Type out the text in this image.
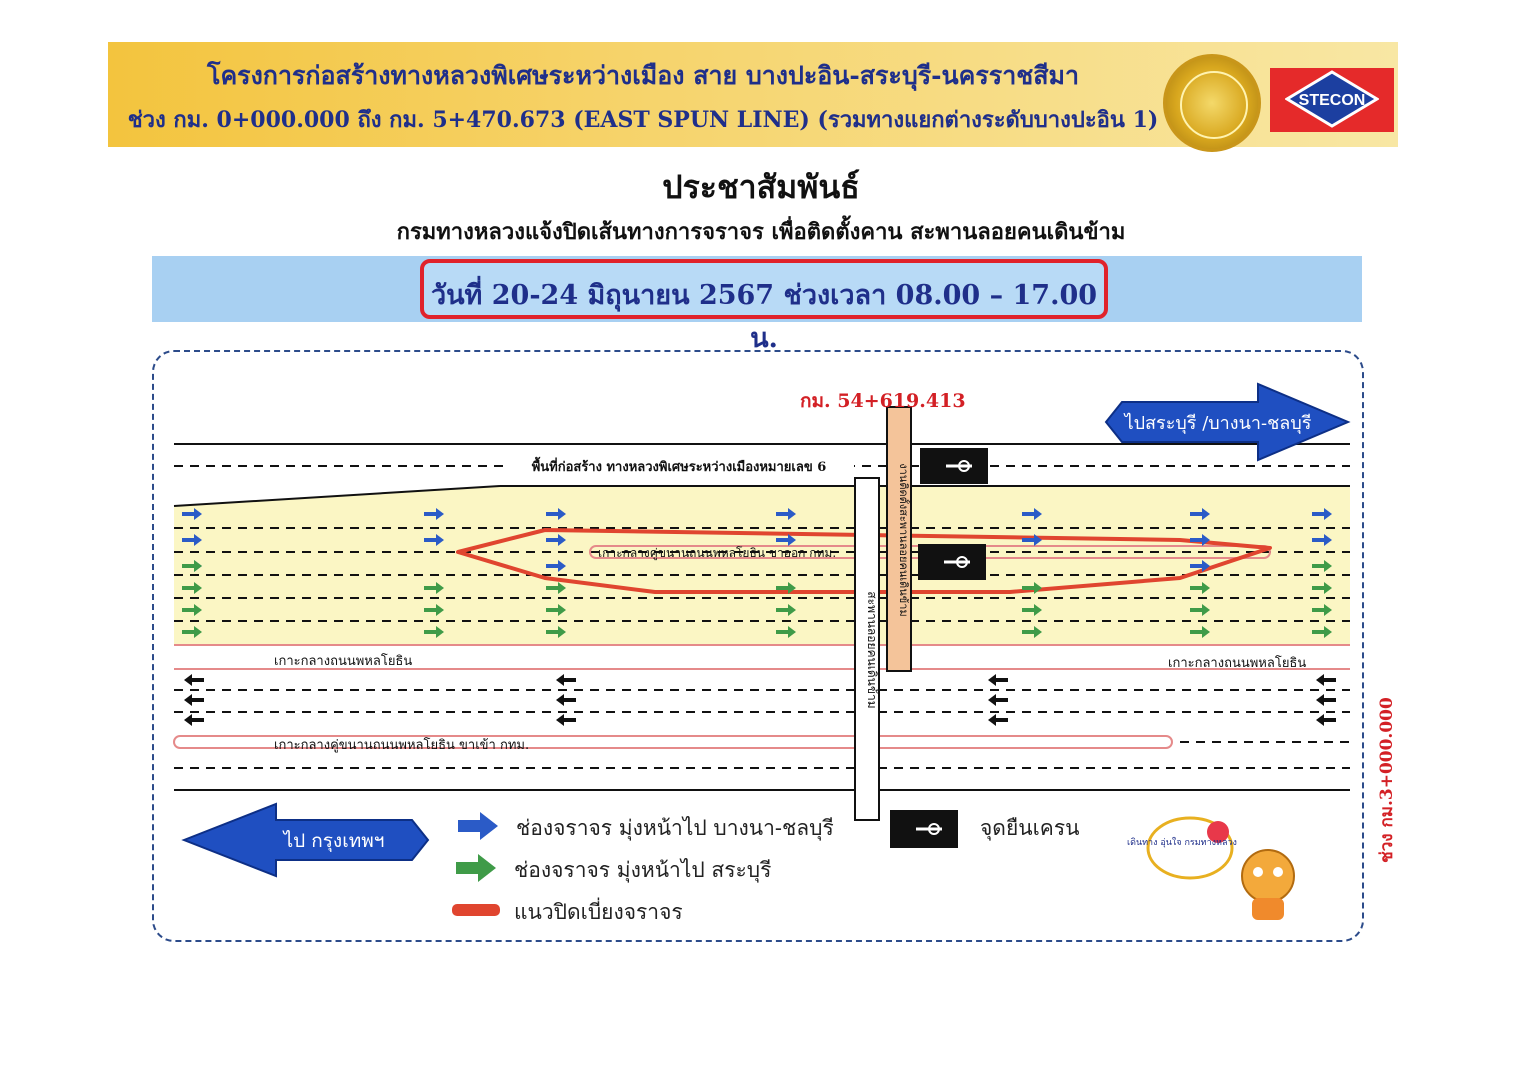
โครงการก่อสร้างทางหลวงพิเศษระหว่างเมือง สาย บางปะอิน-สระบุรี-นครราชสีมา
ช่วง กม. 0+000.000 ถึง กม. 5+470.673 (EAST SPUN LINE) (รวมทางแยกต่างระดับบางปะอิน 1)
STECON
ประชาสัมพันธ์
กรมทางหลวงแจ้งปิดเส้นทางการจราจร เพื่อติดตั้งคาน สะพานลอยคนเดินข้าม
วันที่ 20-24 มิถุนายน 2567 ช่วงเวลา 08.00 – 17.00 น.
ไปสระบุรี /บางนา-ชลบุรี
ไป กรุงเทพฯ	ช่วง กม.3+000.000
สะพานลอยคนเดินข้าม
งานติดตั้งสะพานลอยคนเดินข้าม
เดินทาง อุ่นใจ กรมทางหลวง
กม. 54+619.413
พื้นที่ก่อสร้าง ทางหลวงพิเศษระหว่างเมืองหมายเลข 6
เกาะกลางคู่ขนานถนนพหลโยธิน ขาออก กทม.
เกาะกลางถนนพหลโยธิน	เกาะกลางถนนพหลโยธิน
เกาะกลางคู่ขนานถนนพหลโยธิน ขาเข้า กทม.
ช่องจราจร มุ่งหน้าไป บางนา-ชลบุรี
ช่องจราจร มุ่งหน้าไป สระบุรี
แนวปิดเบี่ยงจราจร
จุดยืนเครน
